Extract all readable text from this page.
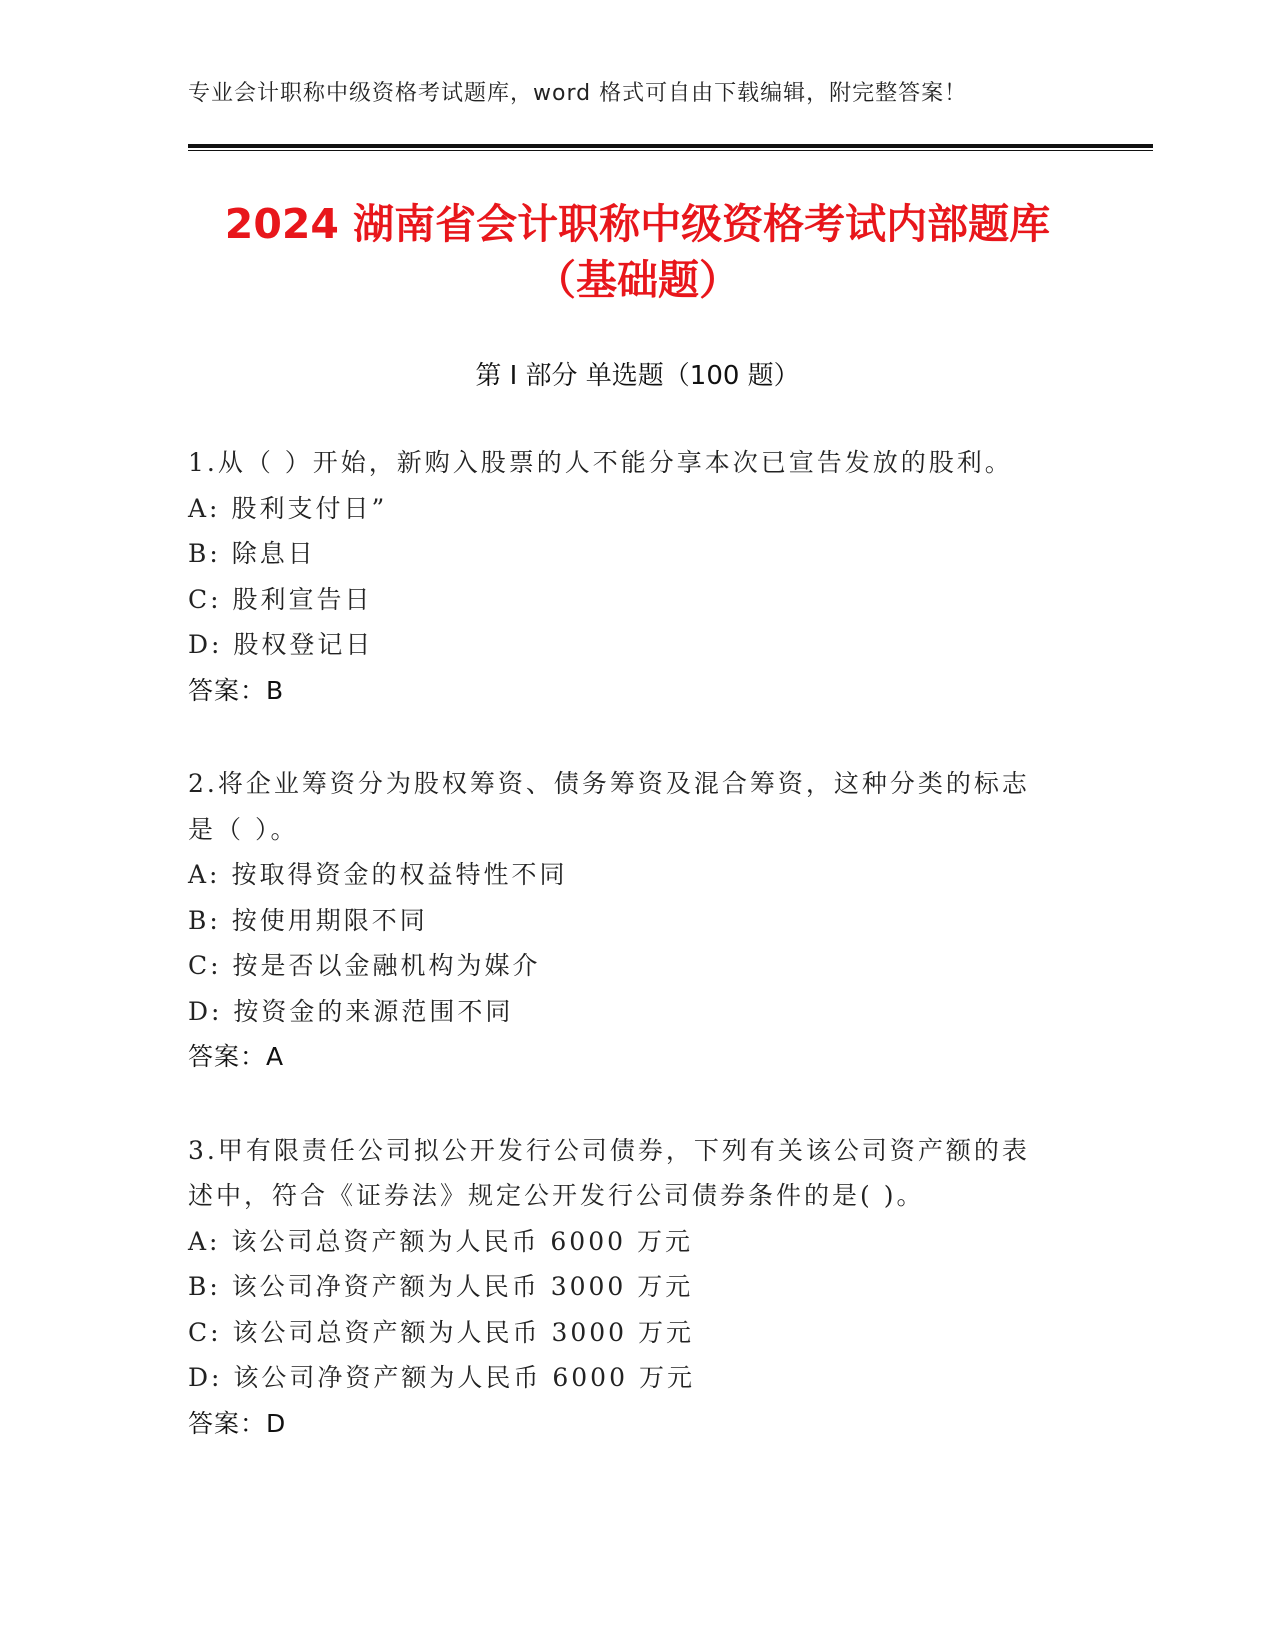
专业会计职称中级资格考试题库，word 格式可自由下载编辑，附完整答案！
2024 湖南省会计职称中级资格考试内部题库
（基础题）
第 I 部分 单选题（100 题）
1.从（ ）开始，新购入股票的人不能分享本次已宣告发放的股利。
A: 股利支付日”
B: 除息日
C: 股利宣告日
D: 股权登记日
答案：B
2.将企业筹资分为股权筹资、债务筹资及混合筹资，这种分类的标志
是（ ）。
A: 按取得资金的权益特性不同
B: 按使用期限不同
C: 按是否以金融机构为媒介
D: 按资金的来源范围不同
答案：A
3.甲有限责任公司拟公开发行公司债券，下列有关该公司资产额的表
述中，符合《证券法》规定公开发行公司债券条件的是( )。
A: 该公司总资产额为人民币 6000 万元
B: 该公司净资产额为人民币 3000 万元
C: 该公司总资产额为人民币 3000 万元
D: 该公司净资产额为人民币 6000 万元
答案：D
